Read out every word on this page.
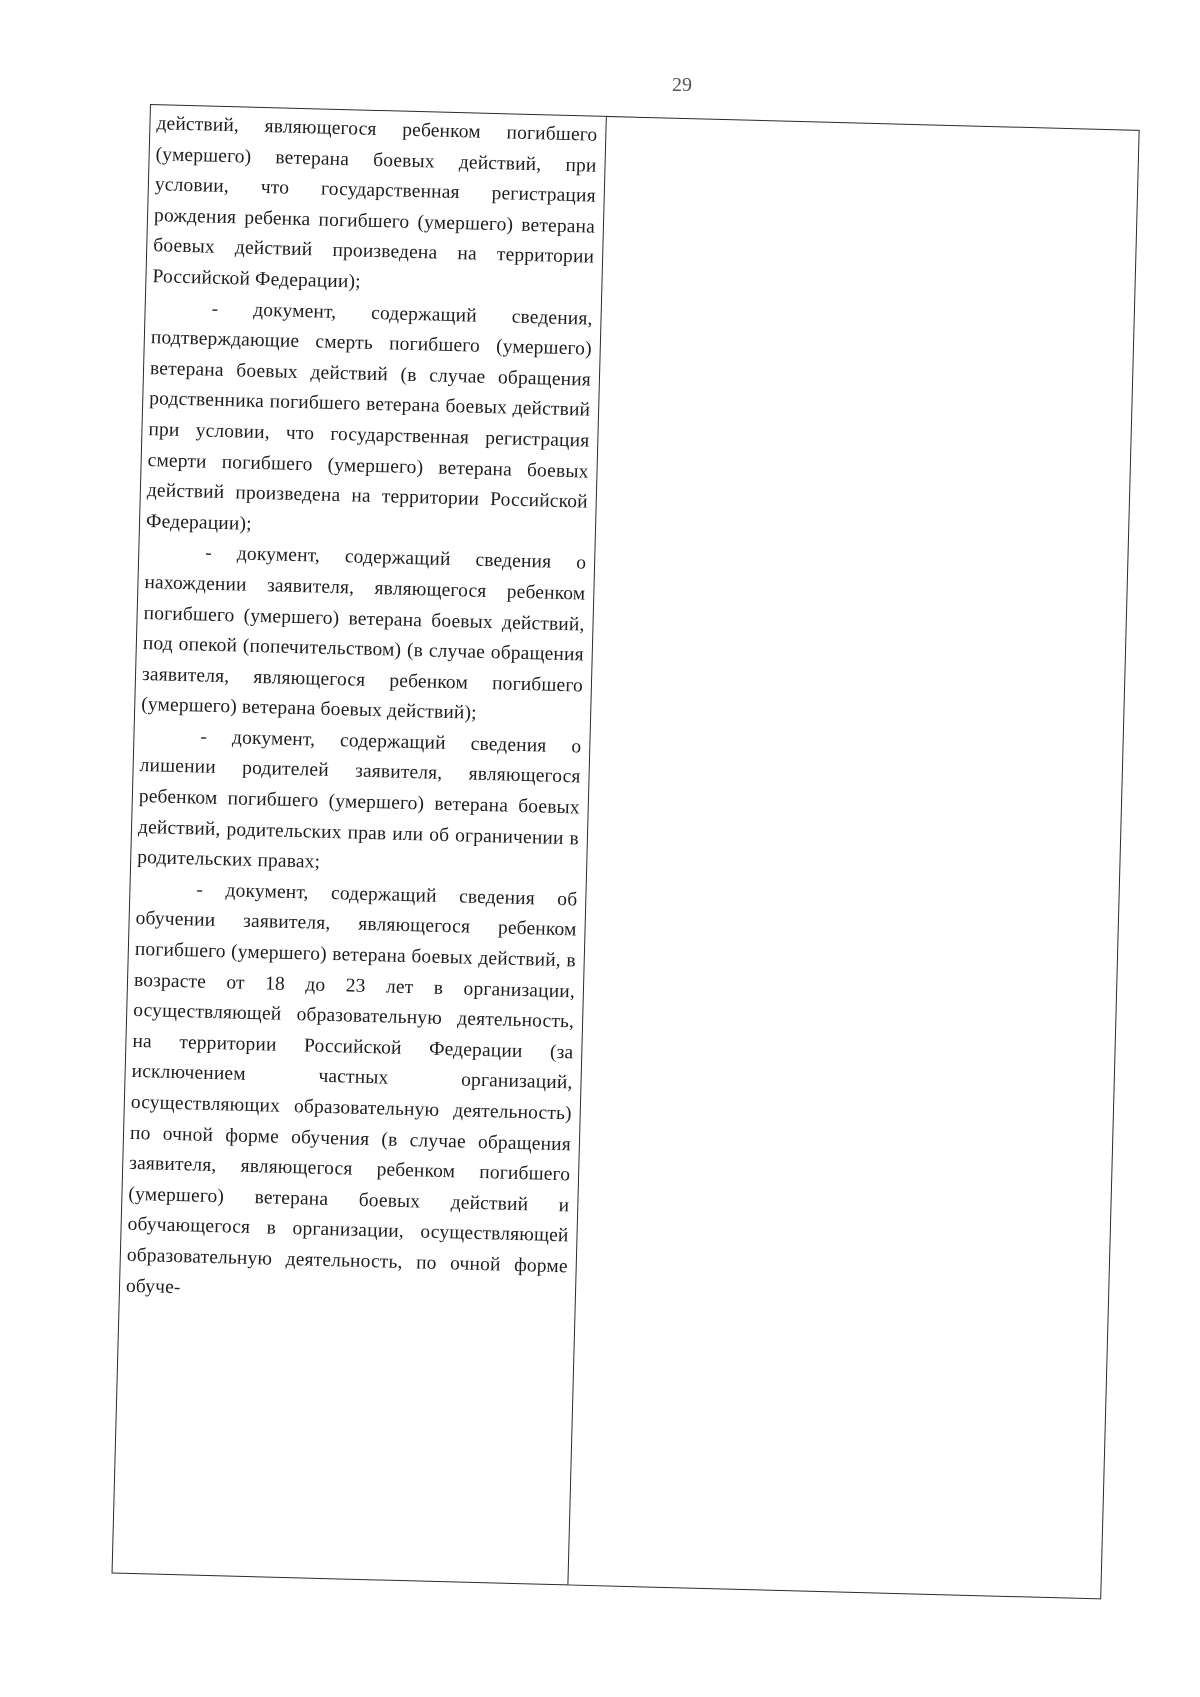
29

действий, являющегося ребенком погибшего (умершего) ветерана боевых действий, при условии, что государственная регистрация рождения ребенка погибшего (умершего) ветерана боевых действий произведена на территории Российской Федерации);

- документ, содержащий сведения, подтверждающие смерть погибшего (умершего) ветерана боевых действий (в случае обращения родственника погибшего ветерана боевых действий при условии, что государственная регистрация смерти погибшего (умершего) ветерана боевых действий произведена на территории Российской Федерации);

- документ, содержащий сведения о нахождении заявителя, являющегося ребенком погибшего (умершего) ветерана боевых действий, под опекой (попечительством) (в случае обращения заявителя, являющегося ребенком погибшего (умершего) ветерана боевых действий);

- документ, содержащий сведения о лишении родителей заявителя, являющегося ребенком погибшего (умершего) ветерана боевых действий, родительских прав или об ограничении в родительских правах;

- документ, содержащий сведения об обучении заявителя, являющегося ребенком погибшего (умершего) ветерана боевых действий, в возрасте от 18 до 23 лет в организации, осуществляющей образовательную деятельность, на территории Российской Федерации (за исключением частных организаций, осуществляющих образовательную деятельность) по очной форме обучения (в случае обращения заявителя, являющегося ребенком погибшего (умершего) ветерана боевых действий и обучающегося в организации, осуществляющей образовательную деятельность, по очной форме обуче-
